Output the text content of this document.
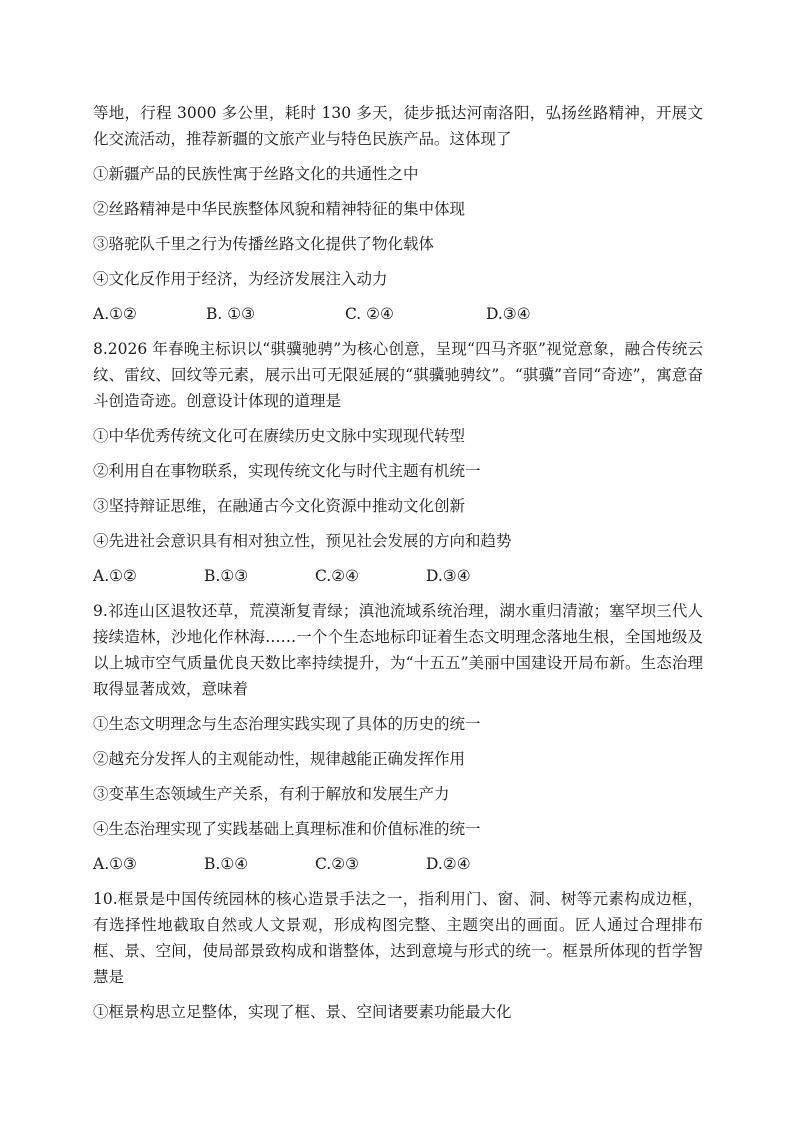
等地，行程 3000 多公里，耗时 130 多天，徒步抵达河南洛阳，弘扬丝路精神，开展文化交流活动，推荐新疆的文旅产业与特色民族产品。这体现了

①新疆产品的民族性寓于丝路文化的共通性之中

②丝路精神是中华民族整体风貌和精神特征的集中体现

③骆驼队千里之行为传播丝路文化提供了物化载体

④文化反作用于经济，为经济发展注入动力

A.①②	B. ①③	C. ②④	D.③④

8.2026 年春晚主标识以“骐骥驰骋”为核心创意，呈现“四马齐驱”视觉意象，融合传统云纹、雷纹、回纹等元素，展示出可无限延展的“骐骥驰骋纹”。“骐骥”音同“奇迹”，寓意奋斗创造奇迹。创意设计体现的道理是

①中华优秀传统文化可在赓续历史文脉中实现现代转型

②利用自在事物联系，实现传统文化与时代主题有机统一

③坚持辩证思维，在融通古今文化资源中推动文化创新

④先进社会意识具有相对独立性，预见社会发展的方向和趋势

A.①②	B.①③	C.②④	D.③④

9.祁连山区退牧还草，荒漠渐复青绿；滇池流域系统治理，湖水重归清澈；塞罕坝三代人接续造林，沙地化作林海……一个个生态地标印证着生态文明理念落地生根，全国地级及以上城市空气质量优良天数比率持续提升，为“十五五”美丽中国建设开局布新。生态治理取得显著成效，意味着

①生态文明理念与生态治理实践实现了具体的历史的统一

②越充分发挥人的主观能动性，规律越能正确发挥作用

③变革生态领域生产关系，有利于解放和发展生产力

④生态治理实现了实践基础上真理标准和价值标准的统一

A.①③	B.①④	C.②③	D.②④

10.框景是中国传统园林的核心造景手法之一，指利用门、窗、洞、树等元素构成边框，有选择性地截取自然或人文景观，形成构图完整、主题突出的画面。匠人通过合理排布框、景、空间，使局部景致构成和谐整体，达到意境与形式的统一。框景所体现的哲学智慧是

①框景构思立足整体，实现了框、景、空间诸要素功能最大化
